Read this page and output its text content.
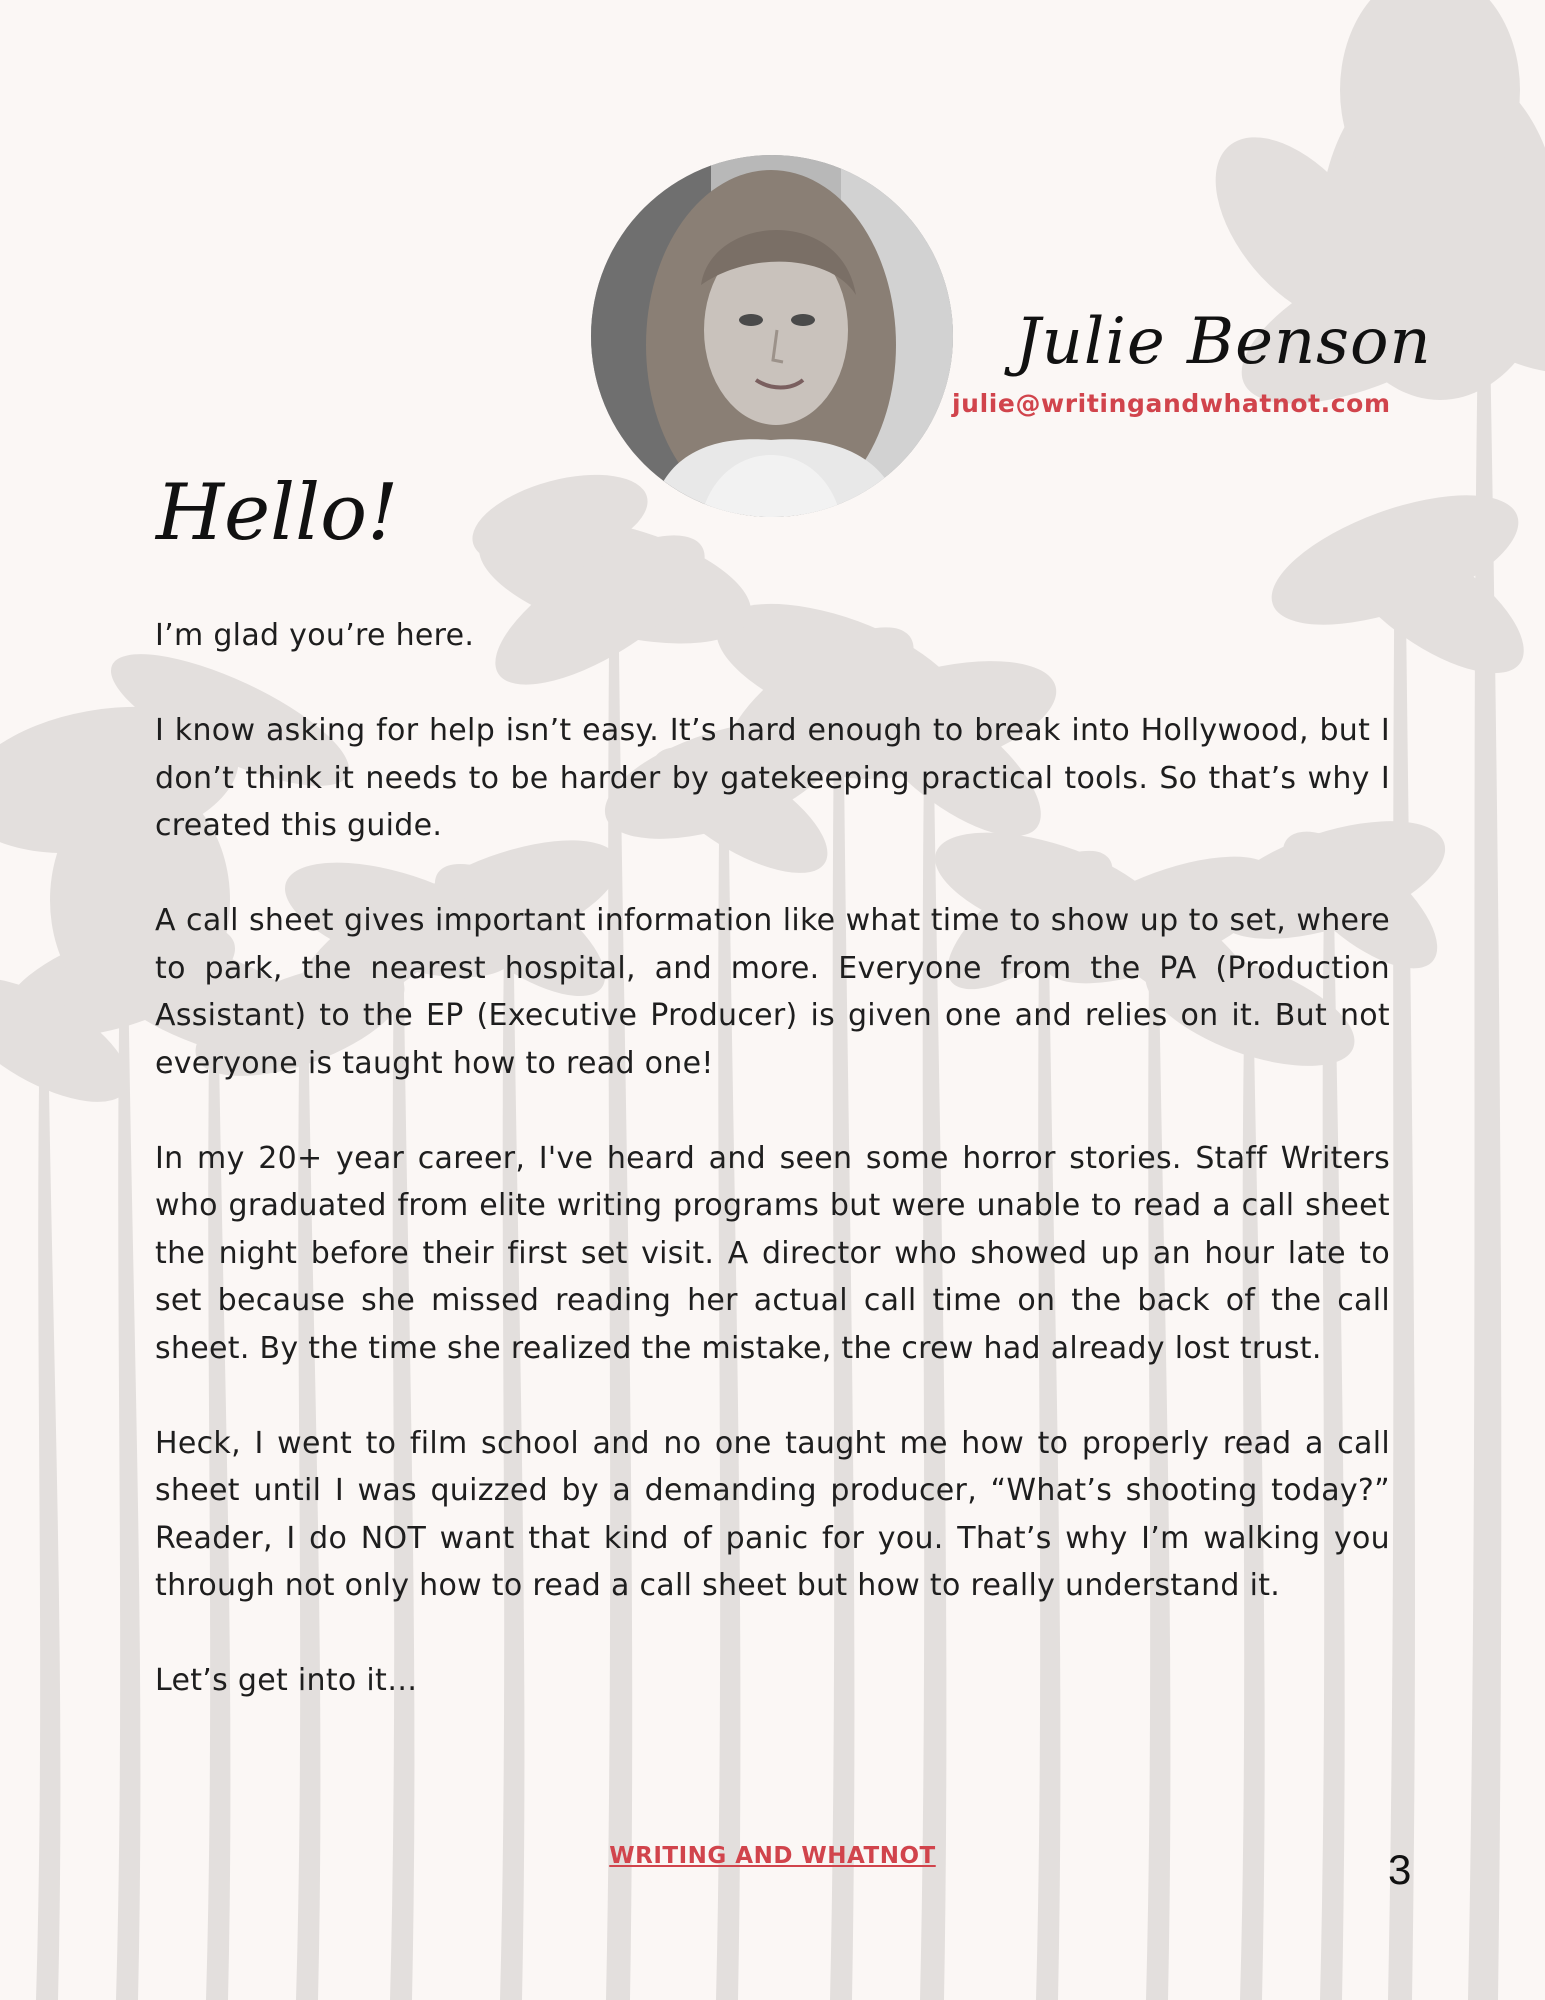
Julie Benson
julie@writingandwhatnot.com
Hello!

I’m glad you’re here.

I know asking for help isn’t easy. It’s hard enough to break into Hollywood, but I don’t think it needs to be harder by gatekeeping practical tools. So that’s why I created this guide.

A call sheet gives important information like what time to show up to set, where to park, the nearest hospital, and more. Everyone from the PA (Production Assistant) to the EP (Executive Producer) is given one and relies on it. But not everyone is taught how to read one!

In my 20+ year career, I've heard and seen some horror stories. Staff Writers who graduated from elite writing programs but were unable to read a call sheet the night before their first set visit. A director who showed up an hour late to set because she missed reading her actual call time on the back of the call sheet. By the time she realized the mistake, the crew had already lost trust.

Heck, I went to film school and no one taught me how to properly read a call sheet until I was quizzed by a demanding producer, “What’s shooting today?” Reader, I do NOT want that kind of panic for you. That’s why I’m walking you through not only how to read a call sheet but how to really understand it.

Let’s get into it…

WRITING AND WHATNOT	3
